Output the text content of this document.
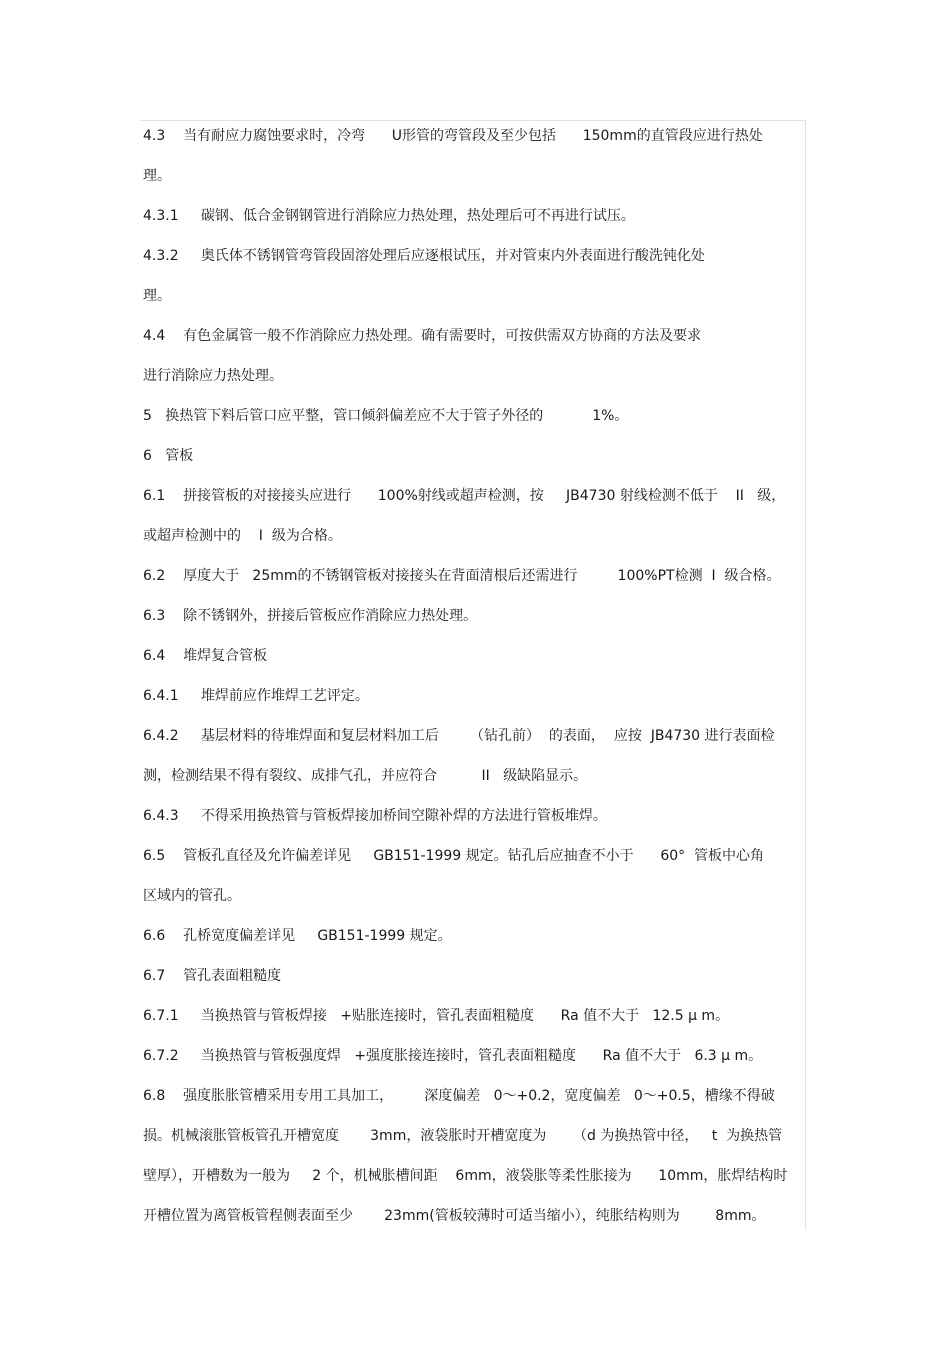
4.3    当有耐应力腐蚀要求时，冷弯      U形管的弯管段及至少包括      150mm的直管段应进行热处
理。
4.3.1     碳钢、低合金钢钢管进行消除应力热处理，热处理后可不再进行试压。
4.3.2     奥氏体不锈钢管弯管段固溶处理后应逐根试压，并对管束内外表面进行酸洗钝化处
理。
4.4    有色金属管一般不作消除应力热处理。确有需要时，可按供需双方协商的方法及要求
进行消除应力热处理。
5   换热管下料后管口应平整，管口倾斜偏差应不大于管子外径的           1%。
6   管板
6.1    拼接管板的对接接头应进行      100%射线或超声检测，按     JB4730 射线检测不低于    II   级，
或超声检测中的    I  级为合格。
6.2    厚度大于   25mm的不锈钢管板对接接头在背面清根后还需进行         100%PT检测  I  级合格。
6.3    除不锈钢外，拼接后管板应作消除应力热处理。
6.4    堆焊复合管板
6.4.1     堆焊前应作堆焊工艺评定。
6.4.2     基层材料的待堆焊面和复层材料加工后       （钻孔前）  的表面，  应按  JB4730 进行表面检
测，检测结果不得有裂纹、成排气孔，并应符合          II   级缺陷显示。
6.4.3     不得采用换热管与管板焊接加桥间空隙补焊的方法进行管板堆焊。
6.5    管板孔直径及允许偏差详见     GB151-1999 规定。钻孔后应抽查不小于      60°  管板中心角
区域内的管孔。
6.6    孔桥宽度偏差详见     GB151-1999 规定。
6.7    管孔表面粗糙度
6.7.1     当换热管与管板焊接   +贴胀连接时，管孔表面粗糙度      Ra 值不大于   12.5 μ m。
6.7.2     当换热管与管板强度焊   +强度胀接连接时，管孔表面粗糙度      Ra 值不大于   6.3 μ m。
6.8    强度胀胀管槽采用专用工具加工，       深度偏差   0～+0.2，宽度偏差   0～+0.5，槽缘不得破
损。机械滚胀管板管孔开槽宽度       3mm，液袋胀时开槽宽度为      （d 为换热管中径，   t  为换热管
壁厚），开槽数为一般为     2 个，机械胀槽间距    6mm，液袋胀等柔性胀接为      10mm，胀焊结构时
开槽位置为离管板管程侧表面至少       23mm(管板较薄时可适当缩小），纯胀结构则为        8mm。
